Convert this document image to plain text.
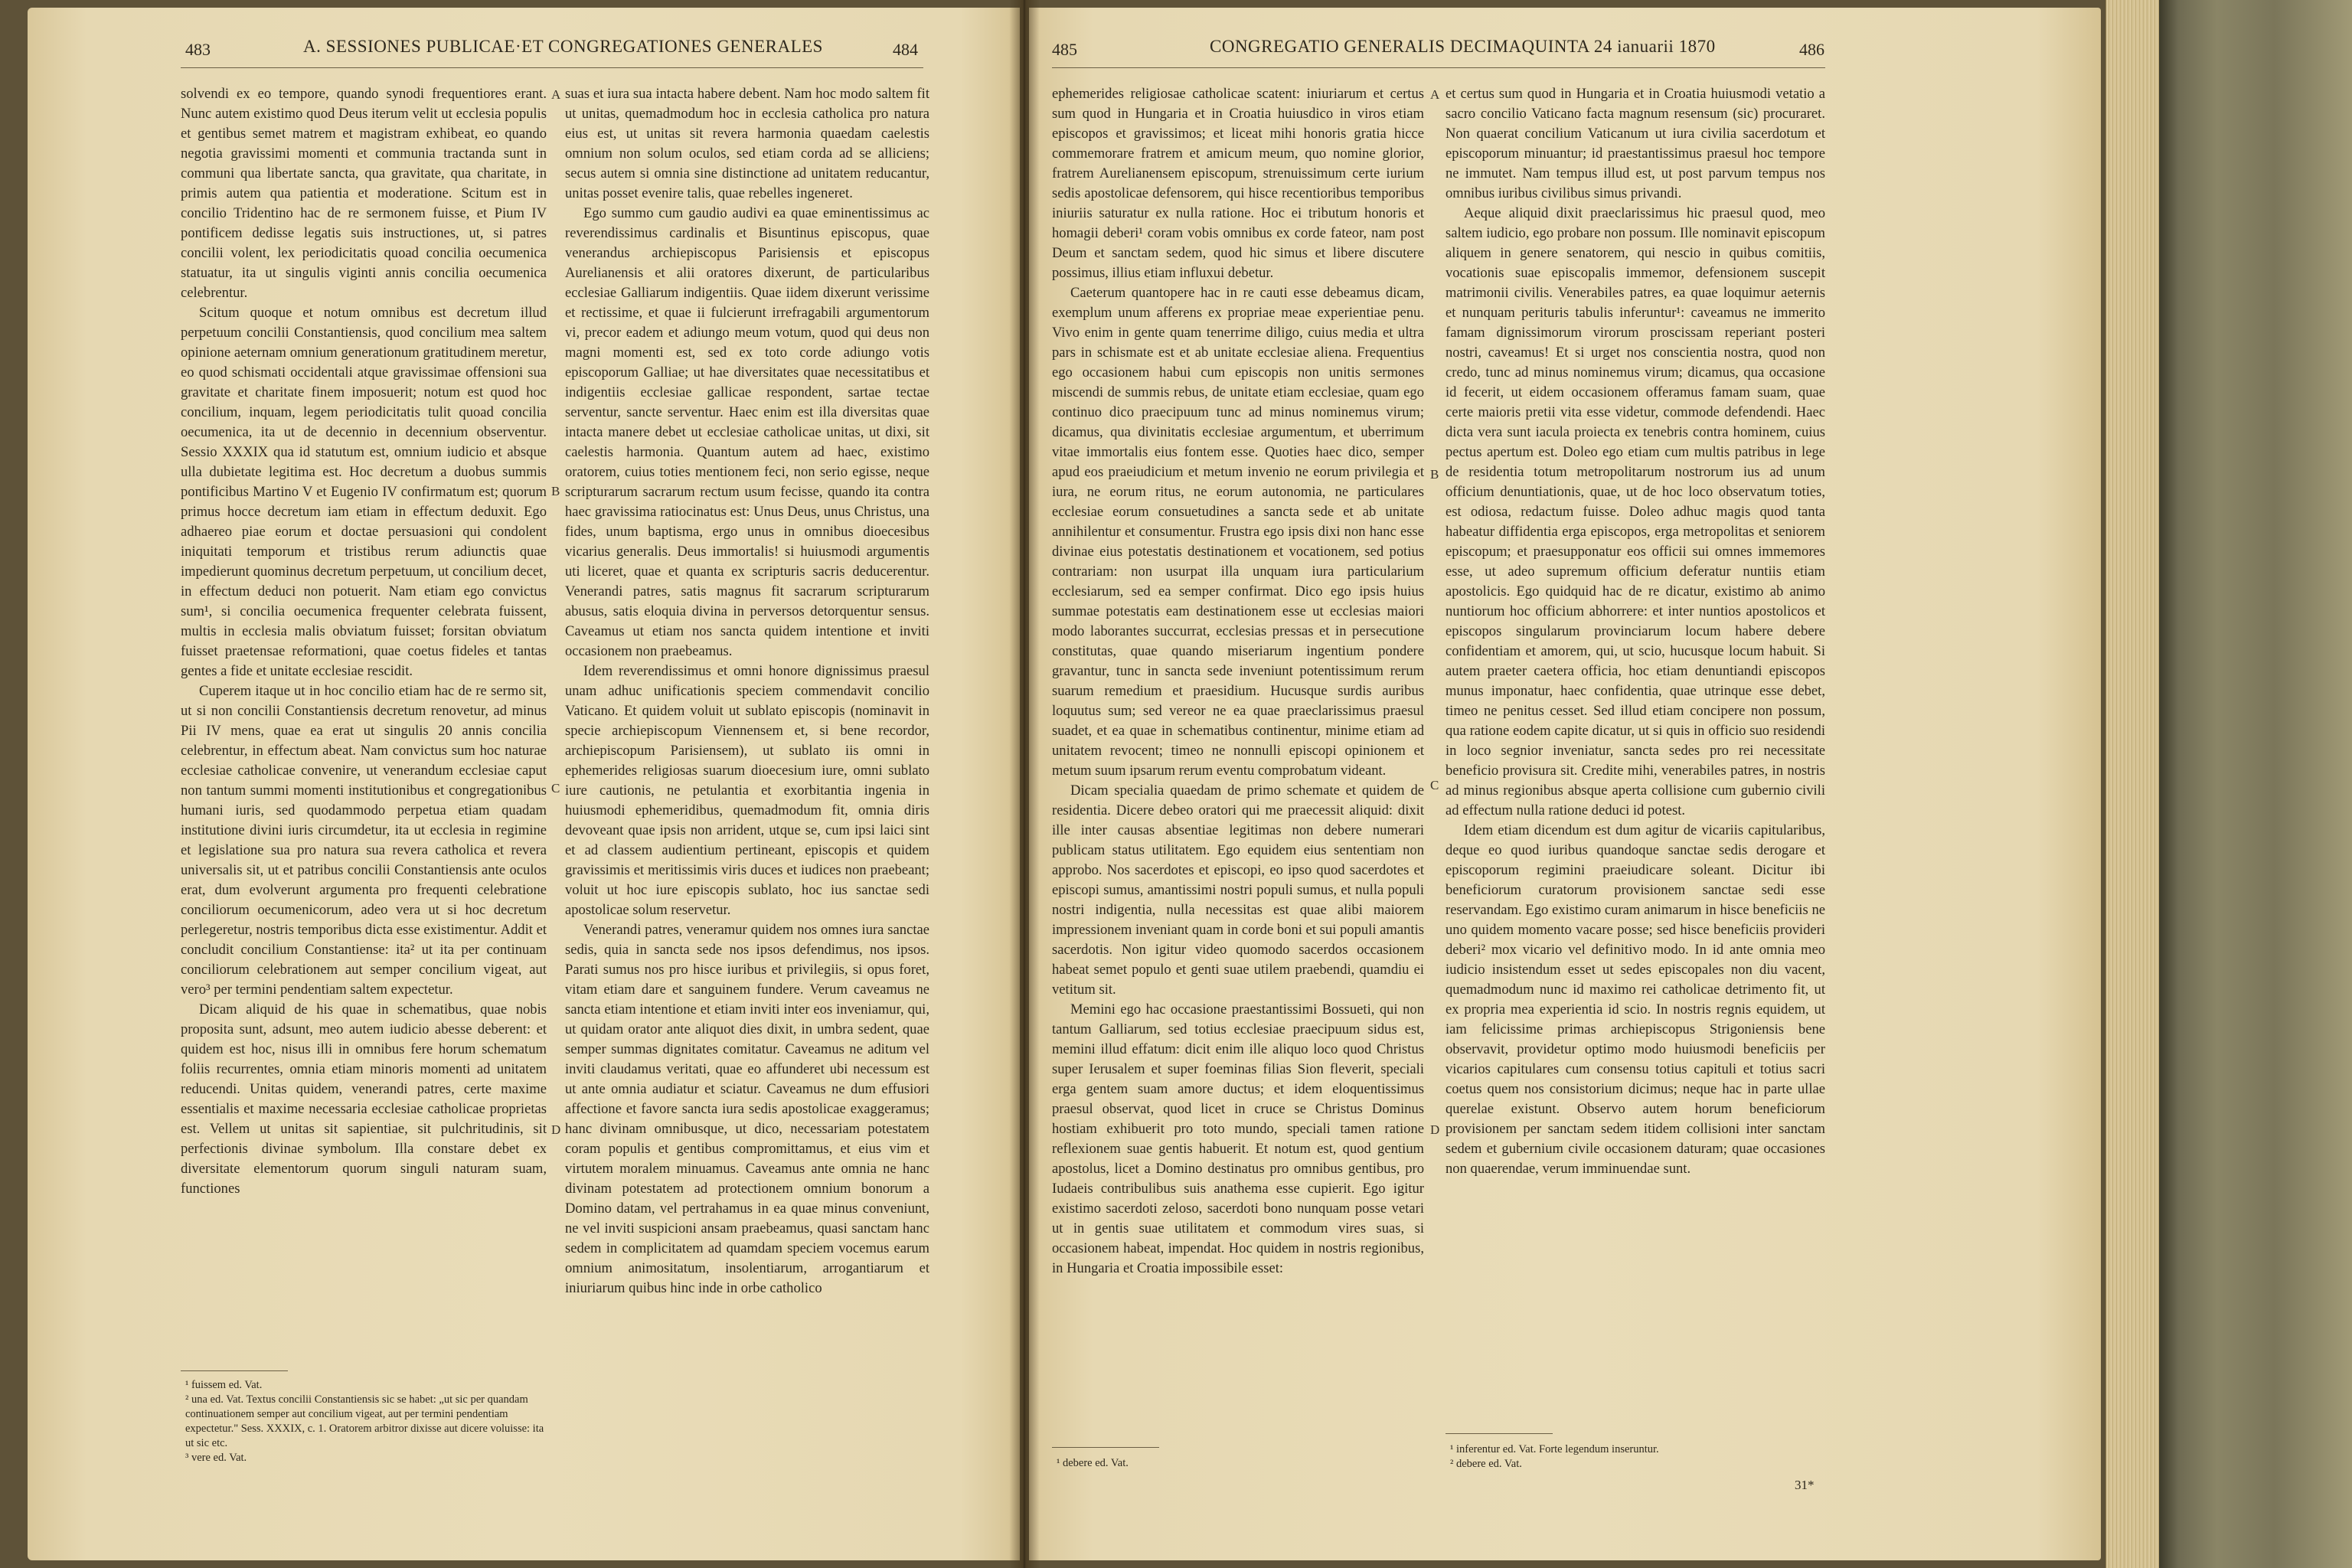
483	A. SESSIONES PUBLICAE·ET CONGREGATIONES GENERALES	484

solvendi ex eo tempore, quando synodi frequentiores erant. Nunc autem existimo quod Deus iterum velit ut ecclesia populis et gentibus semet matrem et magistram exhibeat, eo quando negotia gravissimi momenti et communia tractanda sunt in communi qua libertate sancta, qua gravitate, qua charitate, in primis autem qua patientia et moderatione. Scitum est in concilio Tridentino hac de re sermonem fuisse, et Pium IV pontificem dedisse legatis suis instructiones, ut, si patres concilii volent, lex periodicitatis quoad concilia oecumenica statuatur, ita ut singulis viginti annis concilia oecumenica celebrentur.

Scitum quoque et notum omnibus est decretum illud perpetuum concilii Constantiensis, quod concilium mea saltem opinione aeternam omnium generationum gratitudinem meretur, eo quod schismati occidentali atque gravissimae offensioni sua gravitate et charitate finem imposuerit; notum est quod hoc concilium, inquam, legem periodicitatis tulit quoad concilia oecumenica, ita ut de decennio in decennium observentur. Sessio XXXIX qua id statutum est, omnium iudicio et absque ulla dubietate legitima est. Hoc decretum a duobus summis pontificibus Martino V et Eugenio IV confirmatum est; quorum primus hocce decretum iam etiam in effectum deduxit. Ego adhaereo piae eorum et doctae persuasioni qui condolent iniquitati temporum et tristibus rerum adiunctis quae impedierunt quominus decretum perpetuum, ut concilium decet, in effectum deduci non potuerit. Nam etiam ego convictus sum¹, si concilia oecumenica frequenter celebrata fuissent, multis in ecclesia malis obviatum fuisset; forsitan obviatum fuisset praetensae reformationi, quae coetus fideles et tantas gentes a fide et unitate ecclesiae rescidit.

Cuperem itaque ut in hoc concilio etiam hac de re sermo sit, ut si non concilii Constantiensis decretum renovetur, ad minus Pii IV mens, quae ea erat ut singulis 20 annis concilia celebrentur, in effectum abeat. Nam convictus sum hoc naturae ecclesiae catholicae convenire, ut venerandum ecclesiae caput non tantum summi momenti institutionibus et congregationibus humani iuris, sed quodammodo perpetua etiam quadam institutione divini iuris circumdetur, ita ut ecclesia in regimine et legislatione sua pro natura sua revera catholica et revera universalis sit, ut et patribus concilii Constantiensis ante oculos erat, dum evolverunt argumenta pro frequenti celebratione conciliorum oecumenicorum, adeo vera ut si hoc decretum perlegeretur, nostris temporibus dicta esse existimentur. Addit et concludit concilium Constantiense: ita² ut ita per continuam conciliorum celebrationem aut semper concilium vigeat, aut vero³ per termini pendentiam saltem expectetur.

Dicam aliquid de his quae in schematibus, quae nobis proposita sunt, adsunt, meo autem iudicio abesse deberent: et quidem est hoc, nisus illi in omnibus fere horum schematum foliis recurrentes, omnia etiam minoris momenti ad unitatem reducendi. Unitas quidem, venerandi patres, certe maxime essentialis et maxime necessaria ecclesiae catholicae proprietas est. Vellem ut unitas sit sapientiae, sit pulchritudinis, sit perfectionis divinae symbolum. Illa constare debet ex diversitate elementorum quorum singuli naturam suam, functiones

A
B
C
D

suas et iura sua intacta habere debent. Nam hoc modo saltem fit ut unitas, quemadmodum hoc in ecclesia catholica pro natura eius est, ut unitas sit revera harmonia quaedam caelestis omnium non solum oculos, sed etiam corda ad se alliciens; secus autem si omnia sine distinctione ad unitatem reducantur, unitas posset evenire talis, quae rebelles ingeneret.

Ego summo cum gaudio audivi ea quae eminentissimus ac reverendissimus cardinalis et Bisuntinus episcopus, quae venerandus archiepiscopus Parisiensis et episcopus Aurelianensis et alii oratores dixerunt, de particularibus ecclesiae Galliarum indigentiis. Quae iidem dixerunt verissime et rectissime, et quae ii fulcierunt irrefragabili argumentorum vi, precor eadem et adiungo meum votum, quod qui deus non magni momenti est, sed ex toto corde adiungo votis episcoporum Galliae; ut hae diversitates quae necessitatibus et indigentiis ecclesiae gallicae respondent, sartae tectae serventur, sancte serventur. Haec enim est illa diversitas quae intacta manere debet ut ecclesiae catholicae unitas, ut dixi, sit caelestis harmonia. Quantum autem ad haec, existimo oratorem, cuius toties mentionem feci, non serio egisse, neque scripturarum sacrarum rectum usum fecisse, quando ita contra haec gravissima ratiocinatus est: Unus Deus, unus Christus, una fides, unum baptisma, ergo unus in omnibus dioecesibus vicarius generalis. Deus immortalis! si huiusmodi argumentis uti liceret, quae et quanta ex scripturis sacris deducerentur. Venerandi patres, satis magnus fit sacrarum scripturarum abusus, satis eloquia divina in perversos detorquentur sensus. Caveamus ut etiam nos sancta quidem intentione et inviti occasionem non praebeamus.

Idem reverendissimus et omni honore dignissimus praesul unam adhuc unificationis speciem commendavit concilio Vaticano. Et quidem voluit ut sublato episcopis (nominavit in specie archiepiscopum Viennensem et, si bene recordor, archiepiscopum Parisiensem), ut sublato iis omni in ephemerides religiosas suarum dioecesium iure, omni sublato iure cautionis, ne petulantia et exorbitantia ingenia in huiusmodi ephemeridibus, quemadmodum fit, omnia diris devoveant quae ipsis non arrident, utque se, cum ipsi laici sint et ad classem audientium pertineant, episcopis et quidem gravissimis et meritissimis viris duces et iudices non praebeant; voluit ut hoc iure episcopis sublato, hoc ius sanctae sedi apostolicae solum reservetur.

Venerandi patres, veneramur quidem nos omnes iura sanctae sedis, quia in sancta sede nos ipsos defendimus, nos ipsos. Parati sumus nos pro hisce iuribus et privilegiis, si opus foret, vitam etiam dare et sanguinem fundere. Verum caveamus ne sancta etiam intentione et etiam inviti inter eos inveniamur, qui, ut quidam orator ante aliquot dies dixit, in umbra sedent, quae semper summas dignitates comitatur. Caveamus ne aditum vel inviti claudamus veritati, quae eo affunderet ubi necessum est ut ante omnia audiatur et sciatur. Caveamus ne dum effusiori affectione et favore sancta iura sedis apostolicae exaggeramus; hanc divinam omnibusque, ut dico, necessariam potestatem coram populis et gentibus compromittamus, et eius vim et virtutem moralem minuamus. Caveamus ante omnia ne hanc divinam potestatem ad protectionem omnium bonorum a Domino datam, vel pertrahamus in ea quae minus conveniunt, ne vel inviti suspicioni ansam praebeamus, quasi sanctam hanc sedem in complicitatem ad quamdam speciem vocemus earum omnium animositatum, insolentiarum, arrogantiarum et iniuriarum quibus hinc inde in orbe catholico

¹ fuissem ed. Vat.
² una ed. Vat. Textus concilii Constantiensis sic se habet: „ut sic per quandam continuationem semper aut concilium vigeat, aut per termini pendentiam expectetur." Sess. XXXIX, c. 1. Oratorem arbitror dixisse aut dicere voluisse: ita ut sic etc.
³ vere ed. Vat.
485	CONGREGATIO GENERALIS DECIMAQUINTA 24 ianuarii 1870	486

ephemerides religiosae catholicae scatent: iniuriarum et certus sum quod in Hungaria et in Croatia huiusdico in viros etiam episcopos et gravissimos; et liceat mihi honoris gratia hicce commemorare fratrem et amicum meum, quo nomine glorior, fratrem Aurelianensem episcopum, strenuissimum certe iurium sedis apostolicae defensorem, qui hisce recentioribus temporibus iniuriis saturatur ex nulla ratione. Hoc ei tributum honoris et homagii deberi¹ coram vobis omnibus ex corde fateor, nam post Deum et sanctam sedem, quod hic simus et libere discutere possimus, illius etiam influxui debetur.

Caeterum quantopere hac in re cauti esse debeamus dicam, exemplum unum afferens ex propriae meae experientiae penu. Vivo enim in gente quam tenerrime diligo, cuius media et ultra pars in schismate est et ab unitate ecclesiae aliena. Frequentius ego occasionem habui cum episcopis non unitis sermones miscendi de summis rebus, de unitate etiam ecclesiae, quam ego continuo dico praecipuum tunc ad minus nominemus virum; dicamus, qua divinitatis ecclesiae argumentum, et uberrimum vitae immortalis eius fontem esse. Quoties haec dico, semper apud eos praeiudicium et metum invenio ne eorum privilegia et iura, ne eorum ritus, ne eorum autonomia, ne particulares ecclesiae eorum consuetudines a sancta sede et ab unitate annihilentur et consumentur. Frustra ego ipsis dixi non hanc esse divinae eius potestatis destinationem et vocationem, sed potius contrariam: non usurpat illa unquam iura particularium ecclesiarum, sed ea semper confirmat. Dico ego ipsis huius summae potestatis eam destinationem esse ut ecclesias maiori modo laborantes succurrat, ecclesias pressas et in persecutione constitutas, quae quando miseriarum ingentium pondere gravantur, tunc in sancta sede inveniunt potentissimum rerum suarum remedium et praesidium. Hucusque surdis auribus loquutus sum; sed vereor ne ea quae praeclarissimus praesul suadet, et ea quae in schematibus continentur, minime etiam ad unitatem revocent; timeo ne nonnulli episcopi opinionem et metum suum ipsarum rerum eventu comprobatum videant.

Dicam specialia quaedam de primo schemate et quidem de residentia. Dicere debeo oratori qui me praecessit aliquid: dixit ille inter causas absentiae legitimas non debere numerari publicam status utilitatem. Ego equidem eius sententiam non approbo. Nos sacerdotes et episcopi, eo ipso quod sacerdotes et episcopi sumus, amantissimi nostri populi sumus, et nulla populi nostri indigentia, nulla necessitas est quae alibi maiorem impressionem inveniant quam in corde boni et sui populi amantis sacerdotis. Non igitur video quomodo sacerdos occasionem habeat semet populo et genti suae utilem praebendi, quamdiu ei vetitum sit.

Memini ego hac occasione praestantissimi Bossueti, qui non tantum Galliarum, sed totius ecclesiae praecipuum sidus est, memini illud effatum: dicit enim ille aliquo loco quod Christus super Ierusalem et super foeminas filias Sion fleverit, speciali erga gentem suam amore ductus; et idem eloquentissimus praesul observat, quod licet in cruce se Christus Dominus hostiam exhibuerit pro toto mundo, speciali tamen ratione reflexionem suae gentis habuerit. Et notum est, quod gentium apostolus, licet a Domino destinatus pro omnibus gentibus, pro Iudaeis contribulibus suis anathema esse cupierit. Ego igitur existimo sacerdoti zeloso, sacerdoti bono nunquam posse vetari ut in gentis suae utilitatem et commodum vires suas, si occasionem habeat, impendat. Hoc quidem in nostris regionibus, in Hungaria et Croatia impossibile esset:

A
B
C
D

et certus sum quod in Hungaria et in Croatia huiusmodi vetatio a sacro concilio Vaticano facta magnum resensum (sic) procuraret. Non quaerat concilium Vaticanum ut iura civilia sacerdotum et episcoporum minuantur; id praestantissimus praesul hoc tempore ne immutet. Nam tempus illud est, ut post parvum tempus nos omnibus iuribus civilibus simus privandi.

Aeque aliquid dixit praeclarissimus hic praesul quod, meo saltem iudicio, ego probare non possum. Ille nominavit episcopum aliquem in genere senatorem, qui nescio in quibus comitiis, vocationis suae episcopalis immemor, defensionem suscepit matrimonii civilis. Venerabiles patres, ea quae loquimur aeternis et nunquam perituris tabulis inferuntur¹: caveamus ne immerito famam dignissimorum virorum proscissam reperiant posteri nostri, caveamus! Et si urget nos conscientia nostra, quod non credo, tunc ad minus nominemus virum; dicamus, qua occasione id fecerit, ut eidem occasionem offeramus famam suam, quae certe maioris pretii vita esse videtur, commode defendendi. Haec dicta vera sunt iacula proiecta ex tenebris contra hominem, cuius pectus apertum est. Doleo ego etiam cum multis patribus in lege de residentia totum metropolitarum nostrorum ius ad unum officium denuntiationis, quae, ut de hoc loco observatum toties, est odiosa, redactum fuisse. Doleo adhuc magis quod tanta habeatur diffidentia erga episcopos, erga metropolitas et seniorem episcopum; et praesupponatur eos officii sui omnes immemores esse, ut adeo supremum officium deferatur nuntiis etiam apostolicis. Ego quidquid hac de re dicatur, existimo ab animo nuntiorum hoc officium abhorrere: et inter nuntios apostolicos et episcopos singularum provinciarum locum habere debere confidentiam et amorem, qui, ut scio, hucusque locum habuit. Si autem praeter caetera officia, hoc etiam denuntiandi episcopos munus imponatur, haec confidentia, quae utrinque esse debet, timeo ne penitus cesset. Sed illud etiam concipere non possum, qua ratione eodem capite dicatur, ut si quis in officio suo residendi in loco segnior inveniatur, sancta sedes pro rei necessitate beneficio provisura sit. Credite mihi, venerabiles patres, in nostris ad minus regionibus absque aperta collisione cum gubernio civili ad effectum nulla ratione deduci id potest.

Idem etiam dicendum est dum agitur de vicariis capitularibus, deque eo quod iuribus quandoque sanctae sedis derogare et episcoporum regimini praeiudicare soleant. Dicitur ibi beneficiorum curatorum provisionem sanctae sedi esse reservandam. Ego existimo curam animarum in hisce beneficiis ne uno quidem momento vacare posse; sed hisce beneficiis provideri deberi² mox vicario vel definitivo modo. In id ante omnia meo iudicio insistendum esset ut sedes episcopales non diu vacent, quemadmodum nunc id maximo rei catholicae detrimento fit, ut ex propria mea experientia id scio. In nostris regnis equidem, ut iam felicissime primas archiepiscopus Strigoniensis bene observavit, providetur optimo modo huiusmodi beneficiis per vicarios capitulares cum consensu totius capituli et totius sacri coetus quem nos consistorium dicimus; neque hac in parte ullae querelae existunt. Observo autem horum beneficiorum provisionem per sanctam sedem itidem collisioni inter sanctam sedem et gubernium civile occasionem daturam; quae occasiones non quaerendae, verum imminuendae sunt.

¹ debere ed. Vat.
¹ inferentur ed. Vat. Forte legendum inseruntur.
² debere ed. Vat.
31*
